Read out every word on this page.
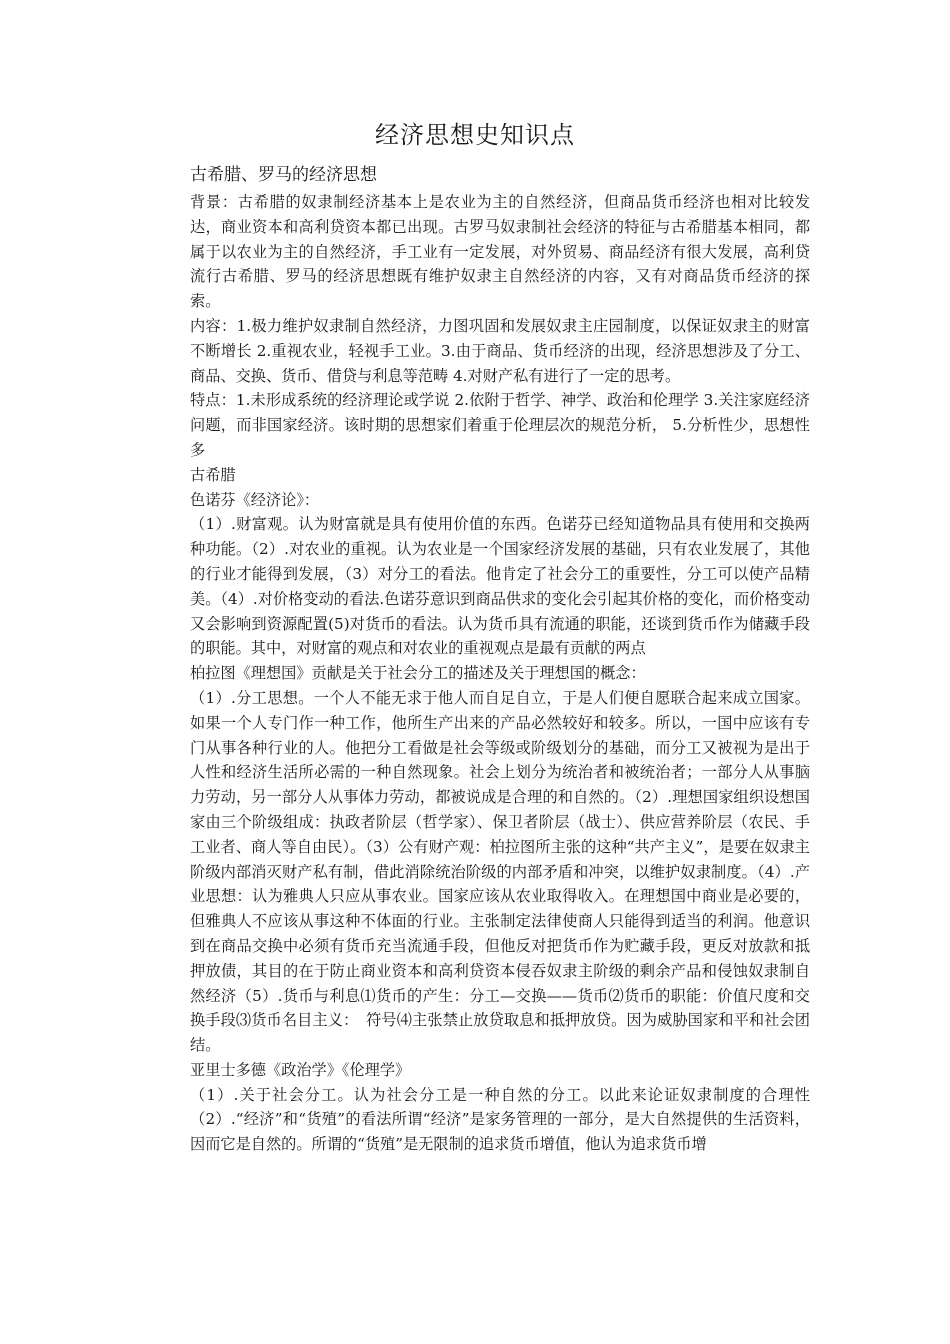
经济思想史知识点

古希腊、罗马的经济思想

背景：古希腊的奴隶制经济基本上是农业为主的自然经济，但商品货币经济也相对比较发达，商业资本和高利贷资本都已出现。古罗马奴隶制社会经济的特征与古希腊基本相同，都属于以农业为主的自然经济，手工业有一定发展，对外贸易、商品经济有很大发展，高利贷流行古希腊、罗马的经济思想既有维护奴隶主自然经济的内容，又有对商品货币经济的探索。

内容：1.极力维护奴隶制自然经济，力图巩固和发展奴隶主庄园制度，以保证奴隶主的财富不断增长 2.重视农业，轻视手工业。3.由于商品、货币经济的出现，经济思想涉及了分工、商品、交换、货币、借贷与利息等范畴 4.对财产私有进行了一定的思考。

特点：1.未形成系统的经济理论或学说 2.依附于哲学、神学、政治和伦理学 3.关注家庭经济问题，而非国家经济。该时期的思想家们着重于伦理层次的规范分析， 5.分析性少，思想性多

古希腊

色诺芬《经济论》：

（1）.财富观。认为财富就是具有使用价值的东西。色诺芬已经知道物品具有使用和交换两种功能。（2）.对农业的重视。认为农业是一个国家经济发展的基础，只有农业发展了，其他的行业才能得到发展，（3）对分工的看法。他肯定了社会分工的重要性，分工可以使产品精美。（4）.对价格变动的看法.色诺芬意识到商品供求的变化会引起其价格的变化，而价格变动又会影响到资源配置(5)对货币的看法。认为货币具有流通的职能，还谈到货币作为储藏手段的职能。其中，对财富的观点和对农业的重视观点是最有贡献的两点

柏拉图《理想国》贡献是关于社会分工的描述及关于理想国的概念：

（1）.分工思想。一个人不能无求于他人而自足自立，于是人们便自愿联合起来成立国家。如果一个人专门作一种工作，他所生产出来的产品必然较好和较多。所以，一国中应该有专门从事各种行业的人。他把分工看做是社会等级或阶级划分的基础，而分工又被视为是出于人性和经济生活所必需的一种自然现象。社会上划分为统治者和被统治者；一部分人从事脑力劳动，另一部分人从事体力劳动，都被说成是合理的和自然的。（2）.理想国家组织设想国家由三个阶级组成：执政者阶层（哲学家）、保卫者阶层（战士）、供应营养阶层（农民、手工业者、商人等自由民）。（3）公有财产观：柏拉图所主张的这种“共产主义”，是要在奴隶主阶级内部消灭财产私有制，借此消除统治阶级的内部矛盾和冲突，以维护奴隶制度。（4）.产业思想：认为雅典人只应从事农业。国家应该从农业取得收入。在理想国中商业是必要的，但雅典人不应该从事这种不体面的行业。主张制定法律使商人只能得到适当的利润。他意识到在商品交换中必须有货币充当流通手段，但他反对把货币作为贮藏手段，更反对放款和抵押放债，其目的在于防止商业资本和高利贷资本侵吞奴隶主阶级的剩余产品和侵蚀奴隶制自然经济（5）.货币与利息⑴货币的产生：分工—交换——货币⑵货币的职能：价值尺度和交换手段⑶货币名目主义：　符号⑷主张禁止放贷取息和抵押放贷。因为威胁国家和平和社会团结。

亚里士多德《政治学》《伦理学》

（1）.关于社会分工。认为社会分工是一种自然的分工。以此来论证奴隶制度的合理性（2）.“经济”和“货殖”的看法所谓“经济”是家务管理的一部分，是大自然提供的生活资料，因而它是自然的。所谓的“货殖”是无限制的追求货币增值，他认为追求货币增
